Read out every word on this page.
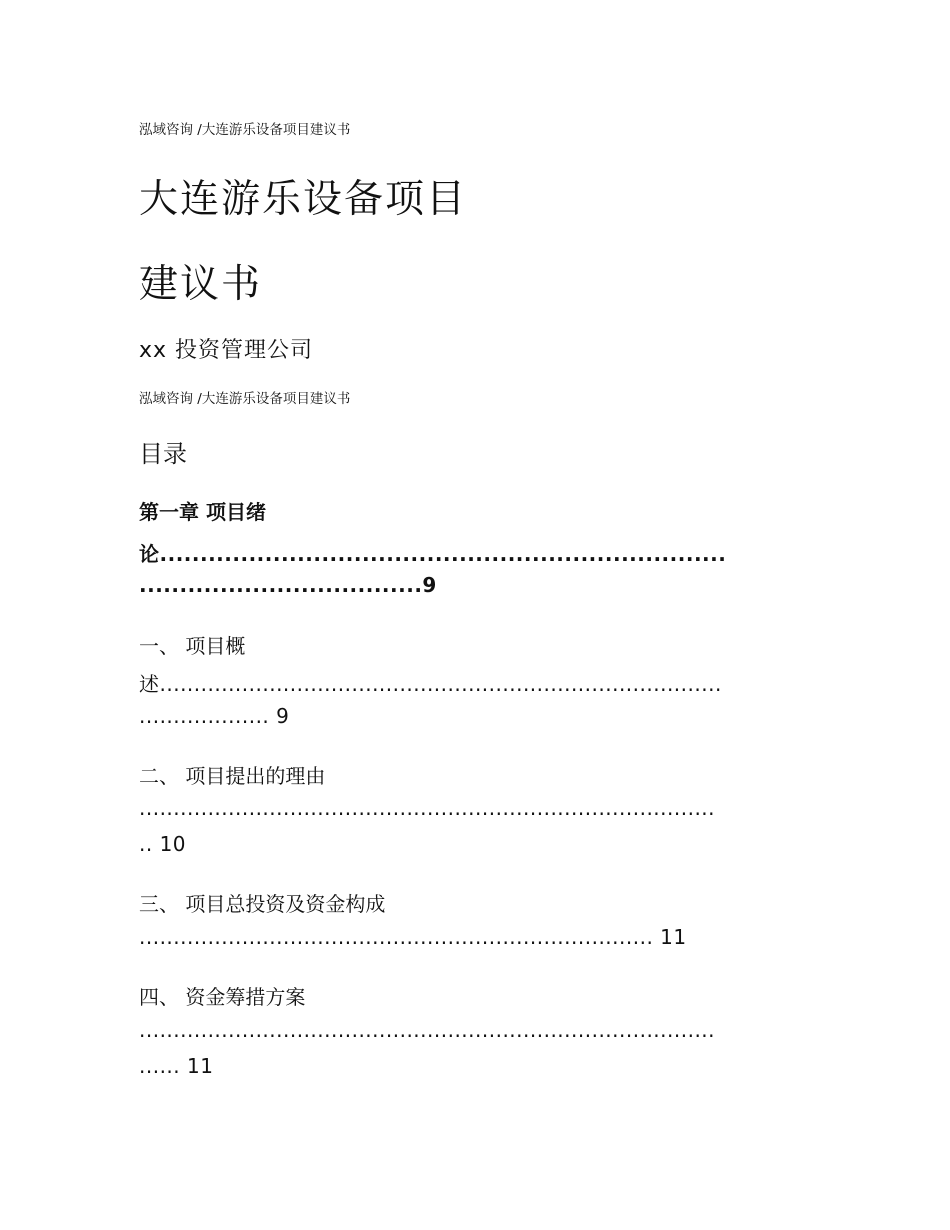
泓域咨询 /大连游乐设备项目建议书
大连游乐设备项目
建议书
xx 投资管理公司
泓域咨询 /大连游乐设备项目建议书
目录
第一章 项目绪
论......................................................................
...................................9
一、 项目概
述..................................................................................
................... 9
二、 项目提出的理由
....................................................................................
.. 10
三、 项目总投资及资金构成
........................................................................... 11
四、 资金筹措方案
....................................................................................
...... 11
